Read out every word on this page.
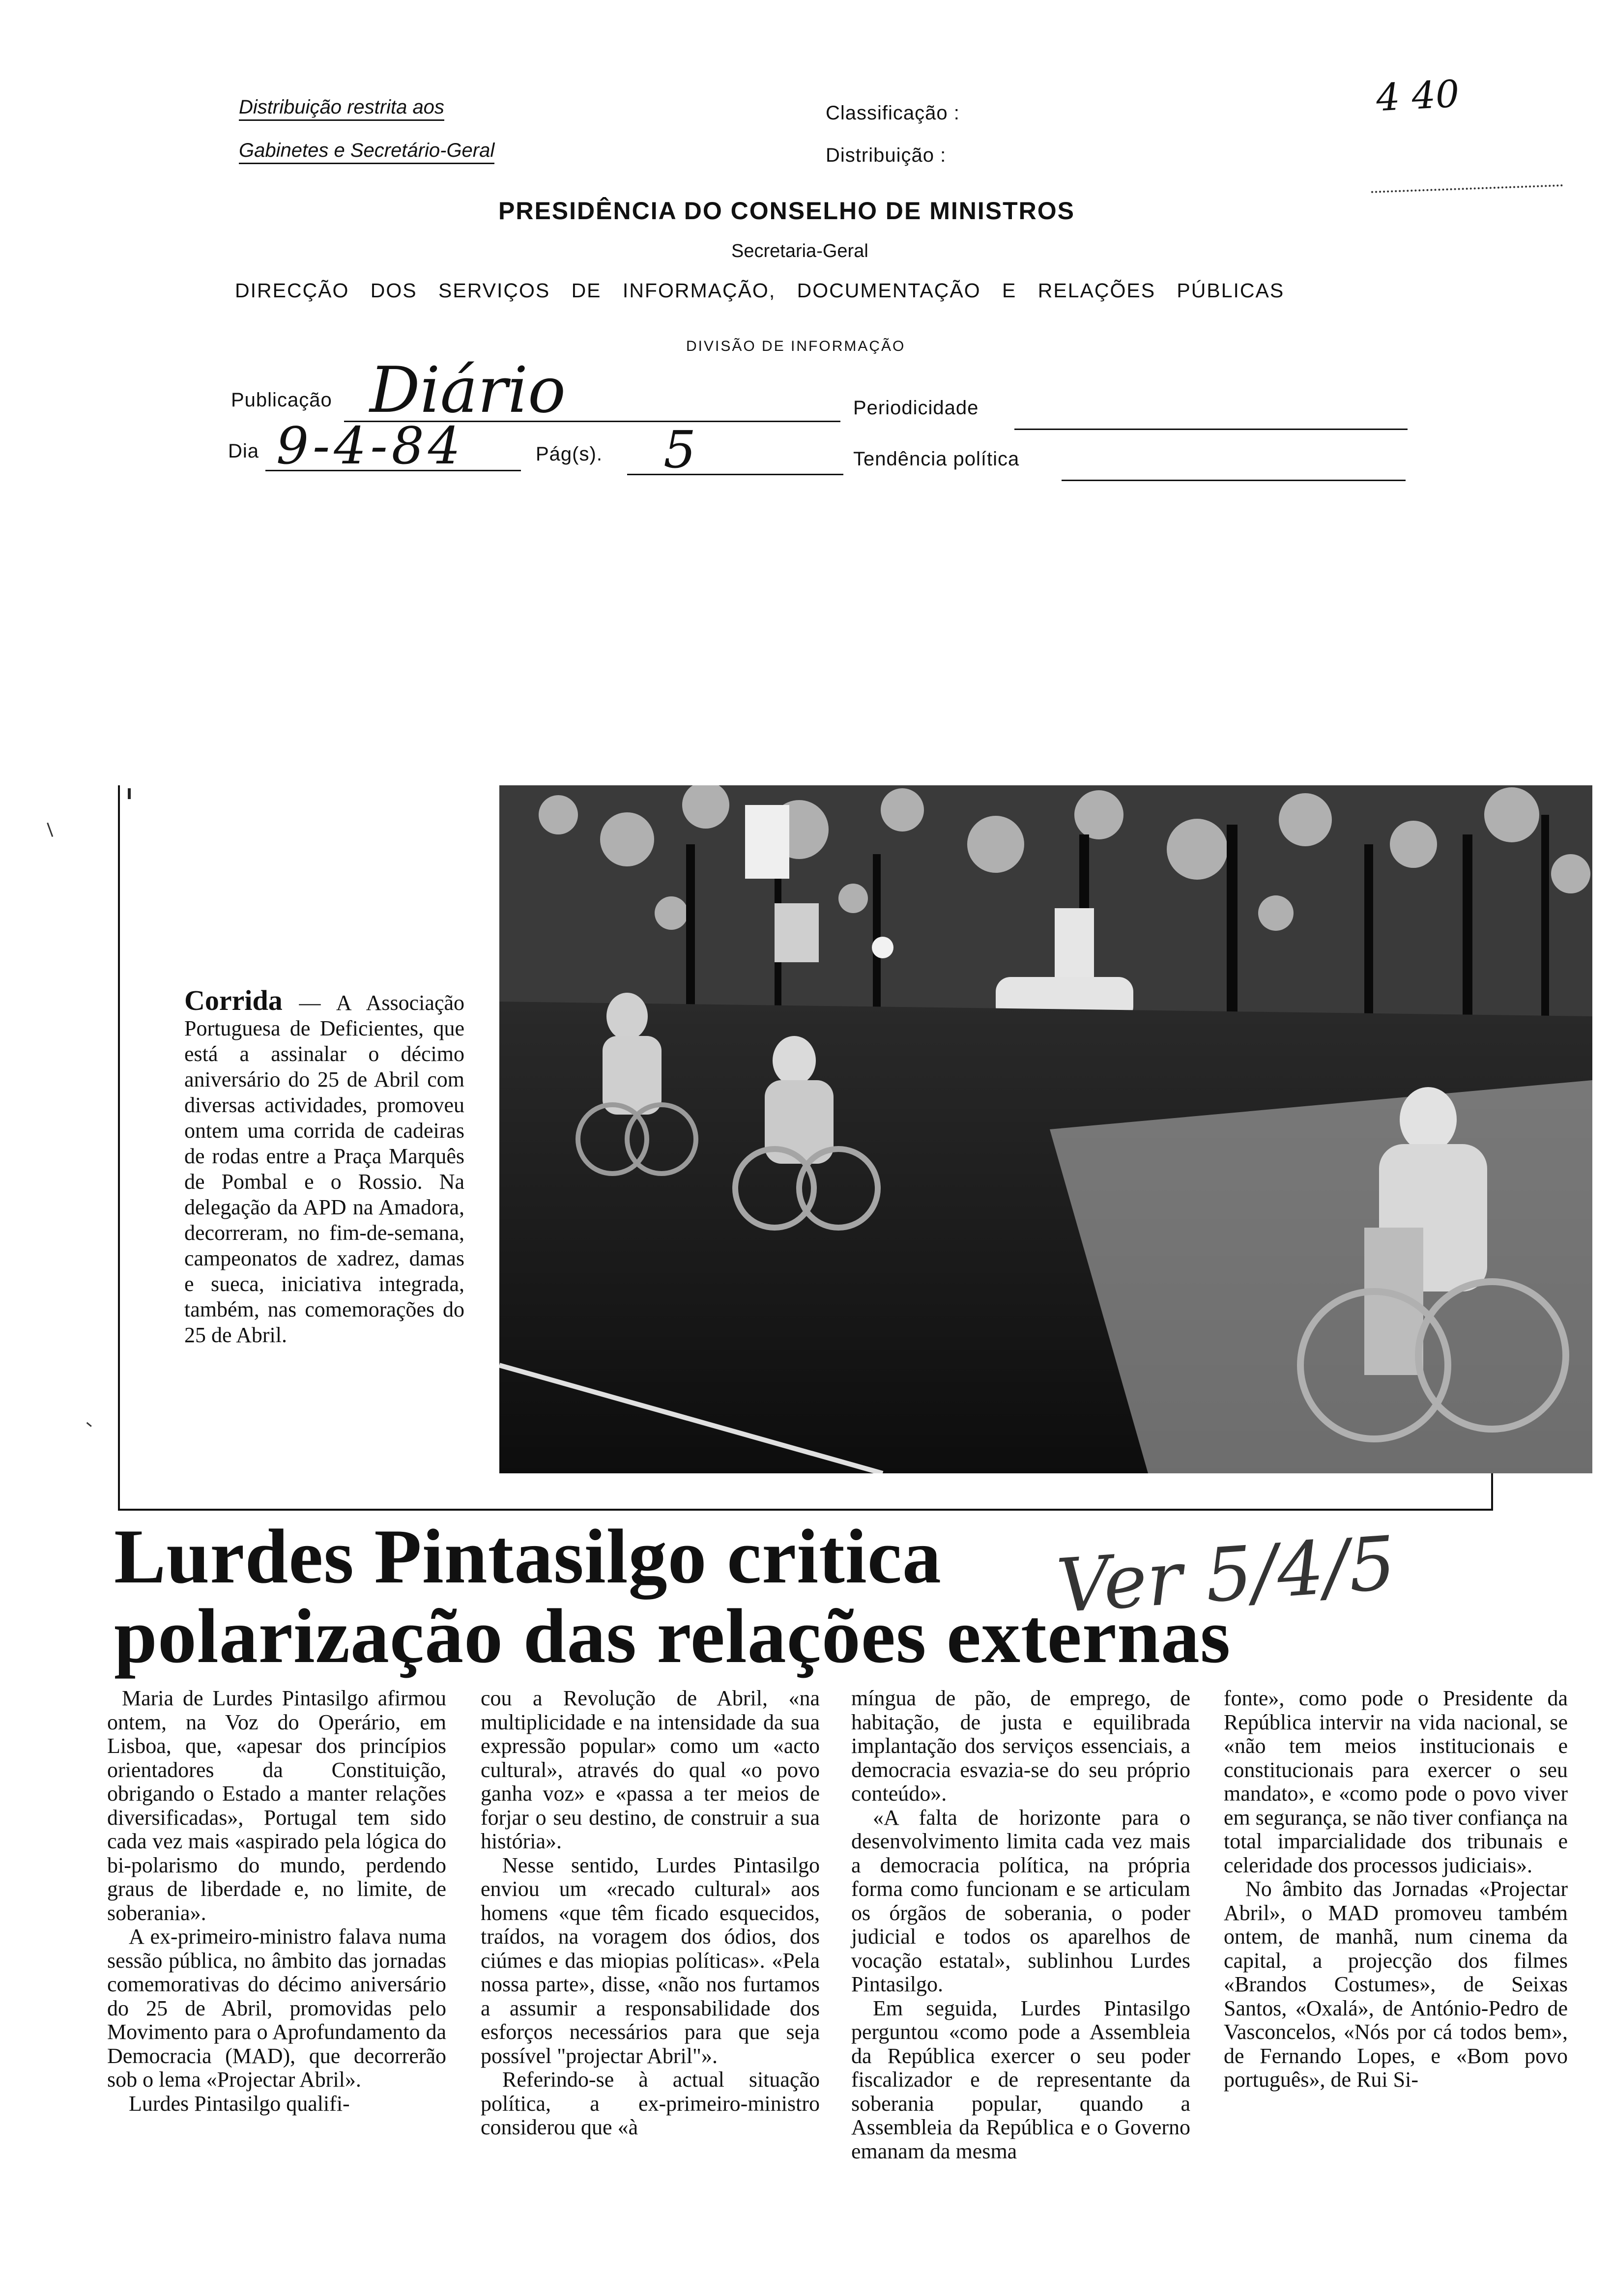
Distribuição restrita aos
Gabinetes e Secretário-Geral
Classificação :
Distribuição :
4 40
PRESIDÊNCIA DO CONSELHO DE MINISTROS
Secretaria-Geral
DIRECÇÃO DOS SERVIÇOS DE INFORMAÇÃO, DOCUMENTAÇÃO E RELAÇÕES PÚBLICAS
DIVISÃO DE INFORMAÇÃO
Publicação Diário	Periodicidade
Dia 9-4-84	Pág(s). 5	Tendência política
Corrida — A Associação Portuguesa de Deficientes, que está a assinalar o décimo aniversário do 25 de Abril com diversas actividades, promoveu ontem uma corrida de cadeiras de rodas entre a Praça Marquês de Pombal e o Rossio. Na delegação da APD na Amadora, decorreram, no fim-de-semana, campeonatos de xadrez, damas e sueca, iniciativa integrada, também, nas comemorações do 25 de Abril.
Lurdes Pintasilgo critica
polarização das relações externas
Ver 5/4/5

Maria de Lurdes Pintasilgo afirmou ontem, na Voz do Operário, em Lisboa, que, «apesar dos princípios orientadores da Constituição, obrigando o Estado a manter relações diversificadas», Portugal tem sido cada vez mais «aspirado pela lógica do bi-polarismo do mundo, perdendo graus de liberdade e, no limite, de soberania».

A ex-primeiro-ministro falava numa sessão pública, no âmbito das jornadas comemorativas do décimo aniversário do 25 de Abril, promovidas pelo Movimento para o Aprofundamento da Democracia (MAD), que decorrerão sob o lema «Projectar Abril».

Lurdes Pintasilgo qualifi-

cou a Revolução de Abril, «na multiplicidade e na intensidade da sua expressão popular» como um «acto cultural», através do qual «o povo ganha voz» e «passa a ter meios de forjar o seu destino, de construir a sua história».

Nesse sentido, Lurdes Pintasilgo enviou um «recado cultural» aos homens «que têm ficado esquecidos, traídos, na voragem dos ódios, dos ciúmes e das miopias políticas». «Pela nossa parte», disse, «não nos furtamos a assumir a responsabilidade dos esforços necessários para que seja possível "projectar Abril"».

Referindo-se à actual situação política, a ex-primeiro-ministro considerou que «à

míngua de pão, de emprego, de habitação, de justa e equilibrada implantação dos serviços essenciais, a democracia esvazia-se do seu próprio conteúdo».

«A falta de horizonte para o desenvolvimento limita cada vez mais a democracia política, na própria forma como funcionam e se articulam os órgãos de soberania, o poder judicial e todos os aparelhos de vocação estatal», sublinhou Lurdes Pintasilgo.

Em seguida, Lurdes Pintasilgo perguntou «como pode a Assembleia da República exercer o seu poder fiscalizador e de representante da soberania popular, quando a Assembleia da República e o Governo emanam da mesma

fonte», como pode o Presidente da República intervir na vida nacional, se «não tem meios institucionais e constitucionais para exercer o seu mandato», e «como pode o povo viver em segurança, se não tiver confiança na total imparcialidade dos tribunais e celeridade dos processos judiciais».

No âmbito das Jornadas «Projectar Abril», o MAD promoveu também ontem, de manhã, num cinema da capital, a projecção dos filmes «Brandos Costumes», de Seixas Santos, «Oxalá», de António-Pedro de Vasconcelos, «Nós por cá todos bem», de Fernando Lopes, e «Bom povo português», de Rui Si-
